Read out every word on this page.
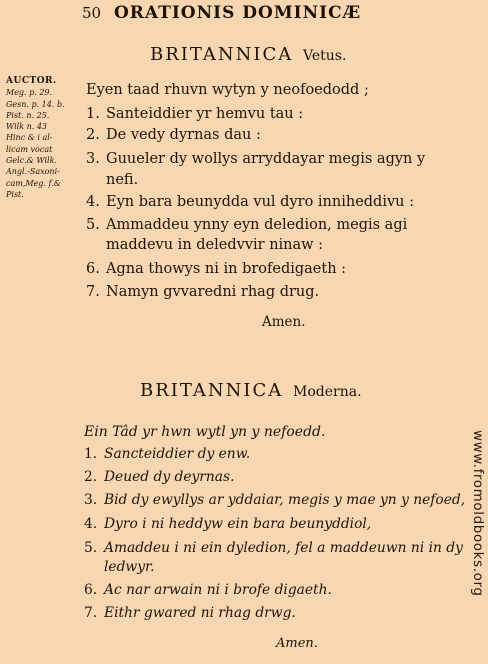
50 ORATIONIS DOMINICÆ
BRITANNICA Vetus.
AUCTOR.
Meg. p. 29.
Gesn. p. 14. b.
Pist. n. 25.
Wilk n. 43
Hinc & i al-
licam vocat
Gelc.& Wilk.
Angl.-Saxoni-
cam,Meg. f.&
Pist.
Eyen taad rhuvn wytyn y neofoedodd ;
1. Santeiddier yr hemvu tau :
2. De vedy dyrnas dau :
3. Guueler dy wollys arryddayar megis agyn y
nefi.
4. Eyn bara beunydda vul dyro inniheddivu :
5. Ammaddeu ynny eyn deledion, megis agi
maddevu in deledvvir ninaw :
6. Agna thowys ni in brofedigaeth :
7. Namyn gvvaredni rhag drug.
Amen.
BRITANNICA Moderna.
Ein Tâd yr hwn wytl yn y nefoedd.
1. Sancteiddier dy enw.
2. Deued dy deyrnas.
3. Bid dy ewyllys ar yddaiar, megis y mae yn y nefoed,
4. Dyro i ni heddyw ein bara beunyddiol,
5. Amaddeu i ni ein dyledion, fel a maddeuwn ni in dy
ledwyr.
6. Ac nar arwain ni i brofe digaeth.
7. Eithr gwared ni rhag drwg.
Amen.
www.fromoldbooks.org
